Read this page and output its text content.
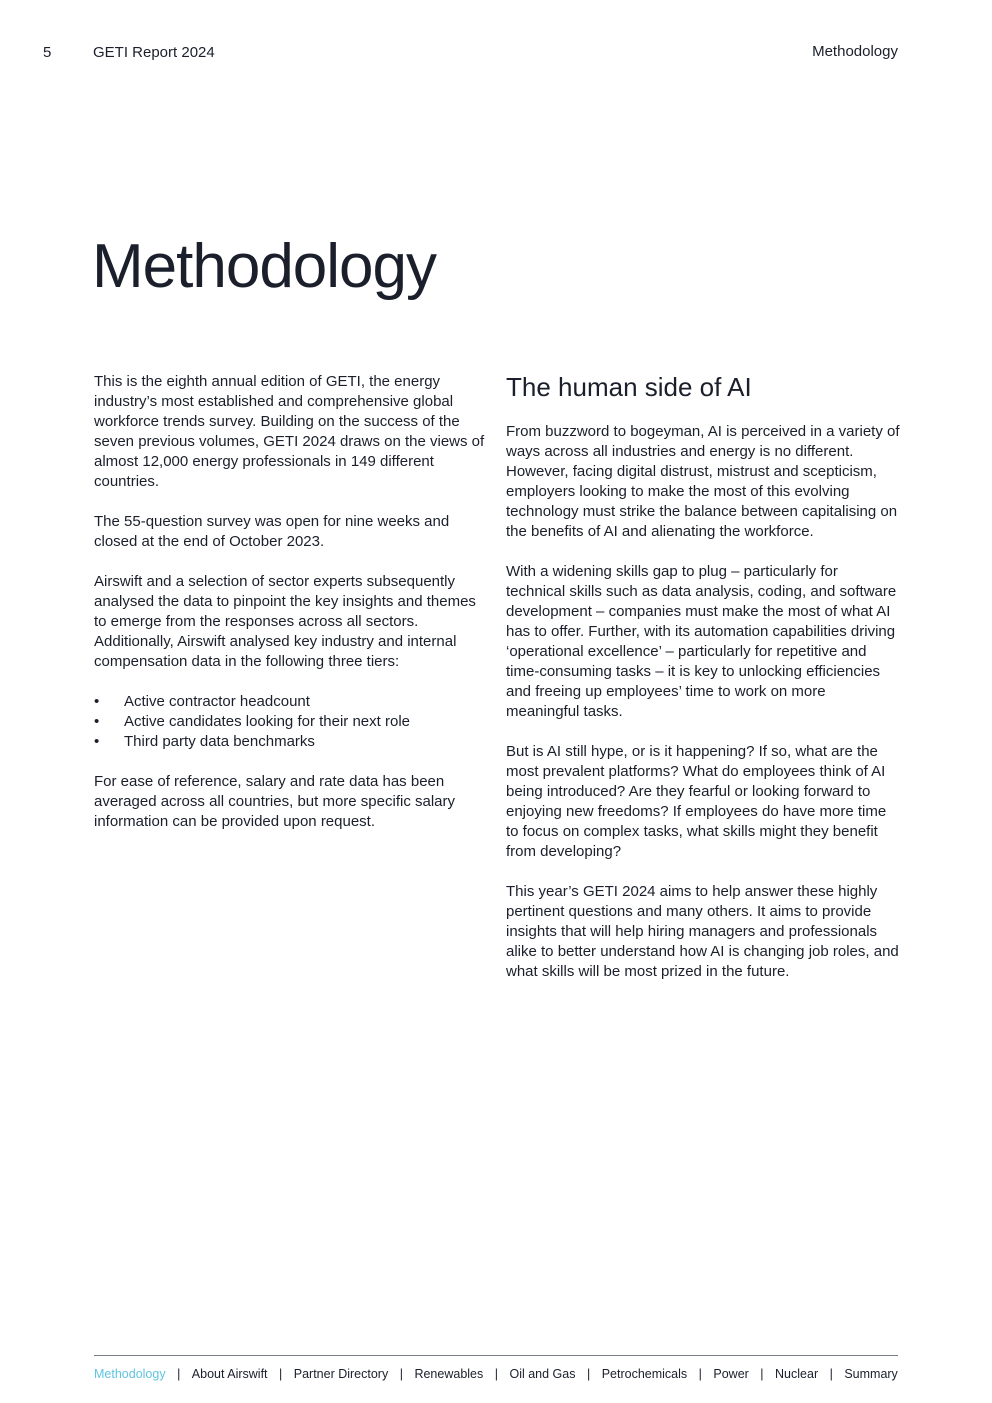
5	GETI Report 2024	Methodology
Methodology

This is the eighth annual edition of GETI, the energy industry’s most established and comprehensive global workforce trends survey. Building on the success of the seven previous volumes, GETI 2024 draws on the views of almost 12,000 energy professionals in 149 different countries.

The 55-question survey was open for nine weeks and closed at the end of October 2023.

Airswift and a selection of sector experts subsequently analysed the data to pinpoint the key insights and themes to emerge from the responses across all sectors. Additionally, Airswift analysed key industry and internal compensation data in the following three tiers:

• Active contractor headcount
• Active candidates looking for their next role
• Third party data benchmarks

For ease of reference, salary and rate data has been averaged across all countries, but more specific salary information can be provided upon request.

The human side of AI

From buzzword to bogeyman, AI is perceived in a variety of ways across all industries and energy is no different. However, facing digital distrust, mistrust and scepticism, employers looking to make the most of this evolving technology must strike the balance between capitalising on the benefits of AI and alienating the workforce.

With a widening skills gap to plug – particularly for technical skills such as data analysis, coding, and software development – companies must make the most of what AI has to offer. Further, with its automation capabilities driving ‘operational excellence’ – particularly for repetitive and time-consuming tasks – it is key to unlocking efficiencies and freeing up employees’ time to work on more meaningful tasks.

But is AI still hype, or is it happening? If so, what are the most prevalent platforms? What do employees think of AI being introduced? Are they fearful or looking forward to enjoying new freedoms? If employees do have more time to focus on complex tasks, what skills might they benefit from developing?

This year’s GETI 2024 aims to help answer these highly pertinent questions and many others. It aims to provide insights that will help hiring managers and professionals alike to better understand how AI is changing job roles, and what skills will be most prized in the future.

Methodology | About Airswift | Partner Directory | Renewables | Oil and Gas | Petrochemicals | Power | Nuclear | Summary
